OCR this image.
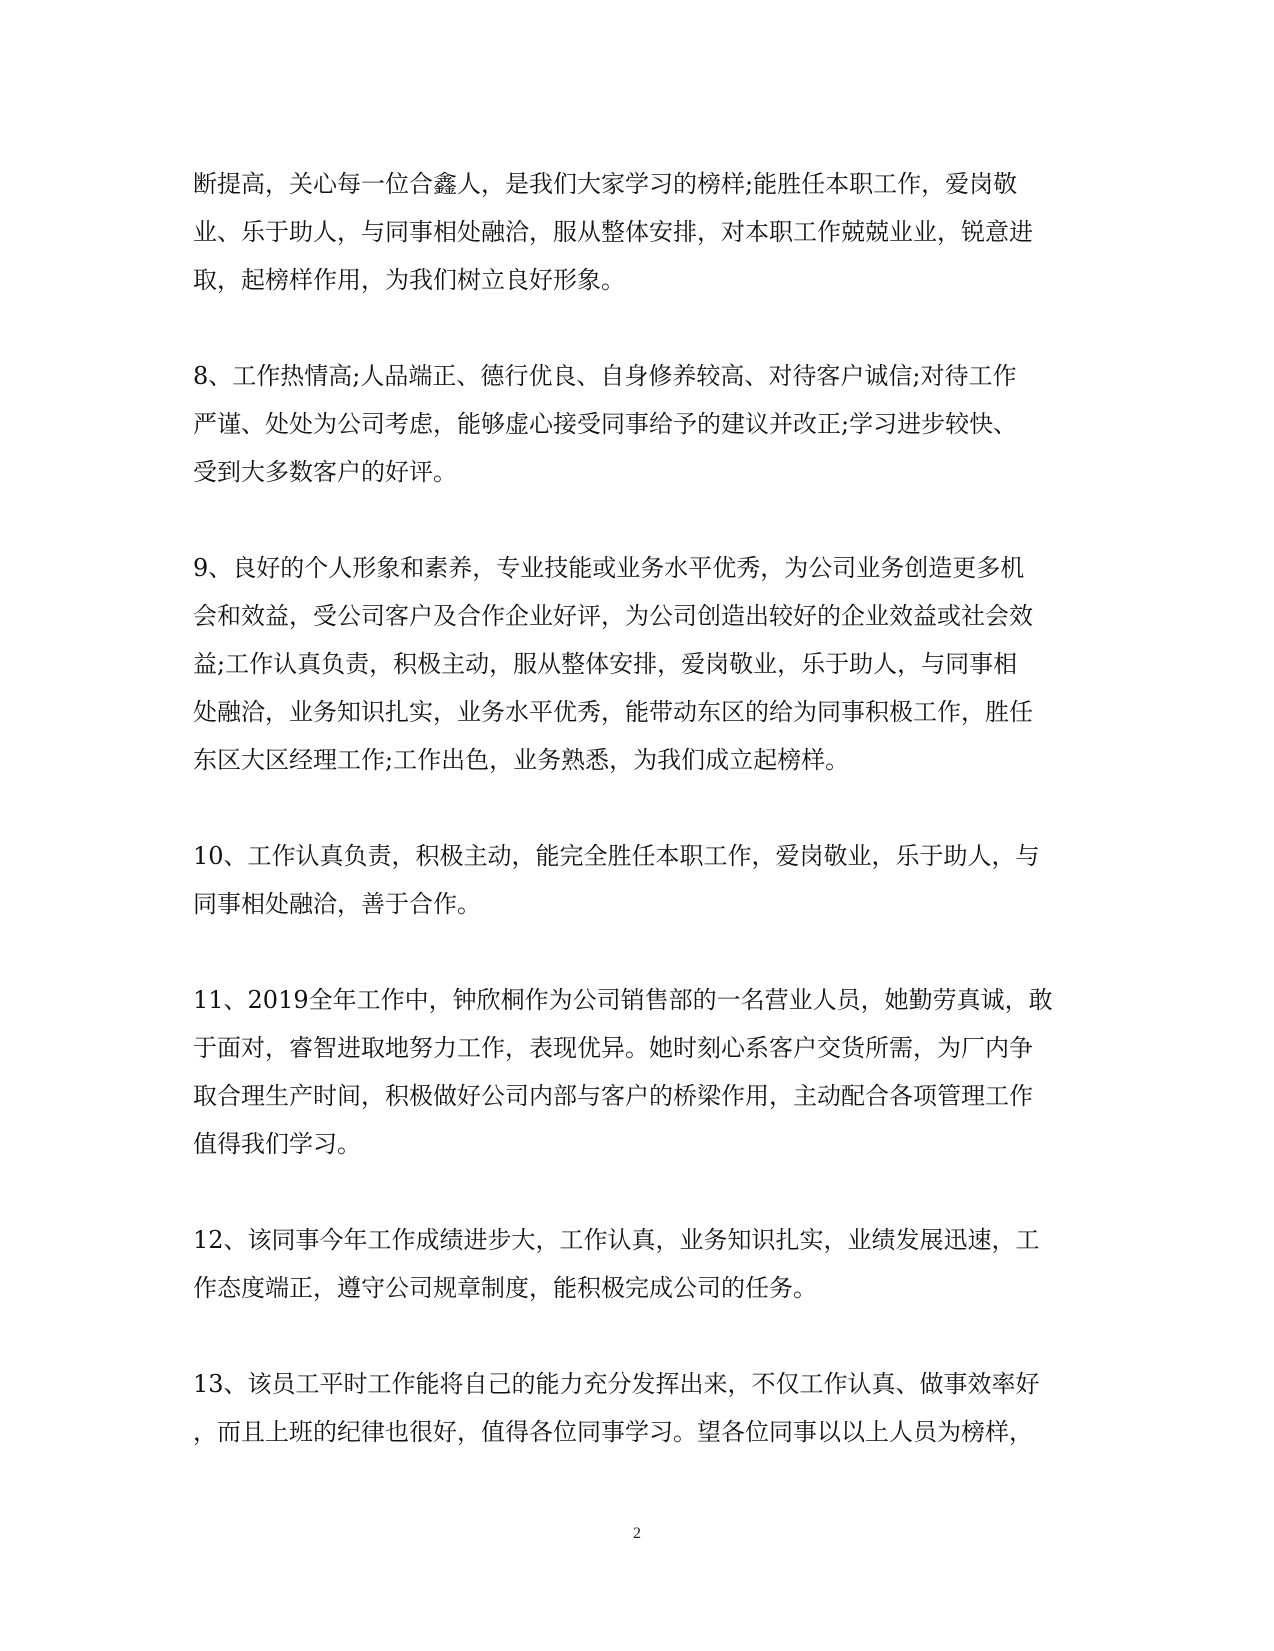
断提高，关心每一位合鑫人，是我们大家学习的榜样;能胜任本职工作，爱岗敬
业、乐于助人，与同事相处融洽，服从整体安排，对本职工作兢兢业业，锐意进
取，起榜样作用，为我们树立良好形象。
8、工作热情高;人品端正、德行优良、自身修养较高、对待客户诚信;对待工作
严谨、处处为公司考虑，能够虚心接受同事给予的建议并改正;学习进步较快、
受到大多数客户的好评。
9、良好的个人形象和素养，专业技能或业务水平优秀，为公司业务创造更多机
会和效益，受公司客户及合作企业好评，为公司创造出较好的企业效益或社会效
益;工作认真负责，积极主动，服从整体安排，爱岗敬业，乐于助人，与同事相
处融洽，业务知识扎实，业务水平优秀，能带动东区的给为同事积极工作，胜任
东区大区经理工作;工作出色，业务熟悉，为我们成立起榜样。
10、工作认真负责，积极主动，能完全胜任本职工作，爱岗敬业，乐于助人，与
同事相处融洽，善于合作。
11、2019全年工作中，钟欣桐作为公司销售部的一名营业人员，她勤劳真诚，敢
于面对，睿智进取地努力工作，表现优异。她时刻心系客户交货所需，为厂内争
取合理生产时间，积极做好公司内部与客户的桥梁作用，主动配合各项管理工作
值得我们学习。
12、该同事今年工作成绩进步大，工作认真，业务知识扎实，业绩发展迅速，工
作态度端正，遵守公司规章制度，能积极完成公司的任务。
13、该员工平时工作能将自己的能力充分发挥出来，不仅工作认真、做事效率好
，而且上班的纪律也很好，值得各位同事学习。望各位同事以以上人员为榜样，
2
